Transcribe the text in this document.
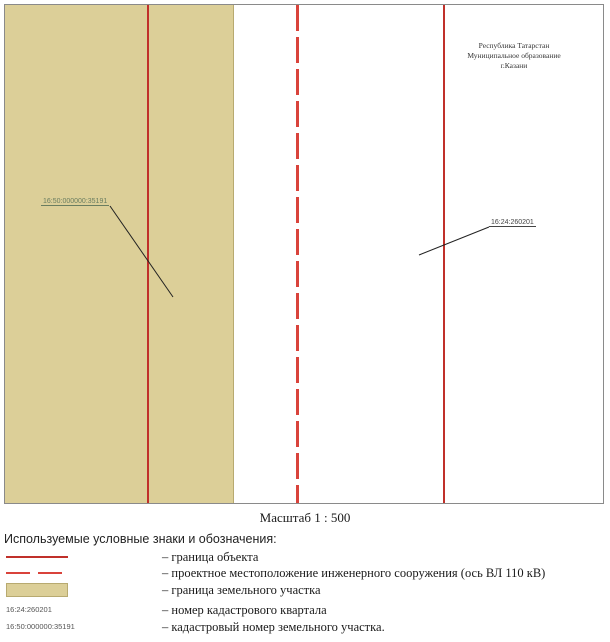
Республика Татарстан
Муниципальное образование
г.Казани
16:50:000000:35191
16:24:260201
Масштаб 1 : 500
Используемые условные знаки и обозначения:
– граница объекта
– проектное местоположение инженерного сооружения (ось ВЛ 110 кВ)
– граница земельного участка
16:24:260201	– номер кадастрового квартала
16:50:000000:35191	– кадастровый номер земельного участка.
